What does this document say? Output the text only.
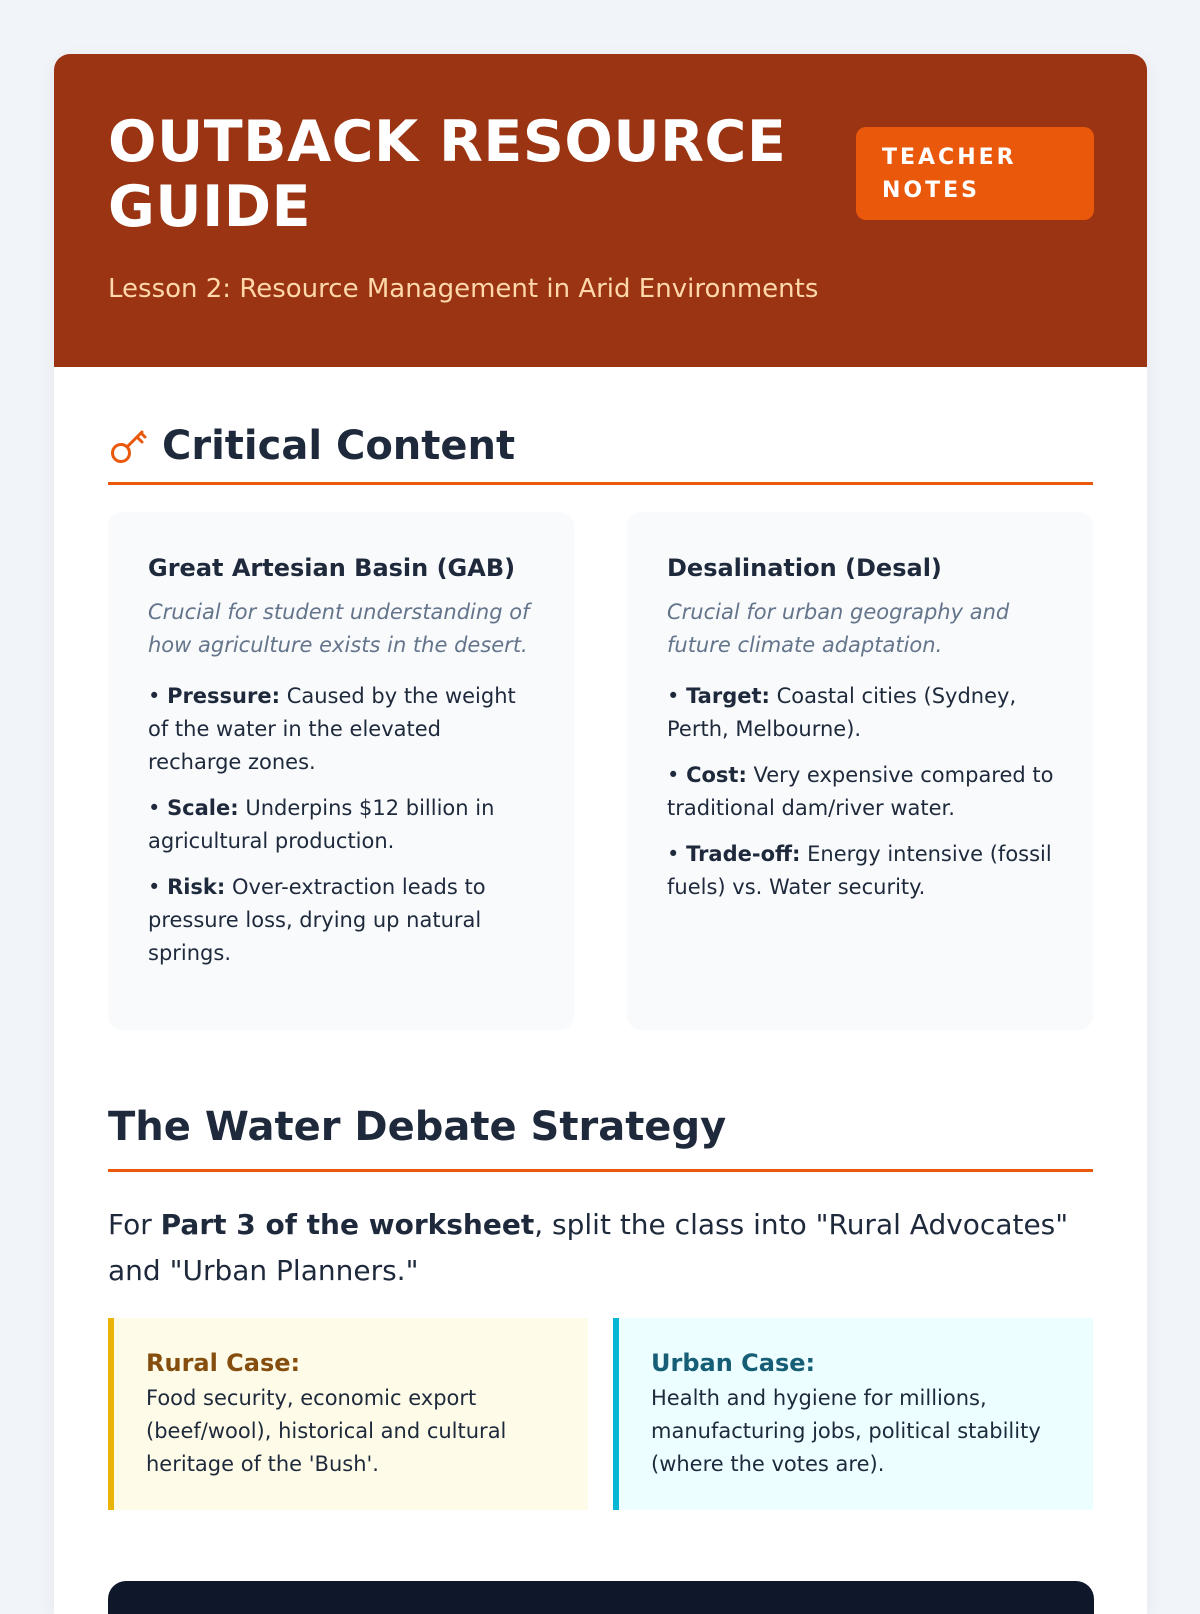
OUTBACK RESOURCE GUIDE

Lesson 2: Resource Management in Arid Environments

TEACHER NOTES
Critical Content
Great Artesian Basin (GAB)

Crucial for student understanding of how agriculture exists in the desert.

• Pressure: Caused by the weight of the water in the elevated recharge zones.

• Scale: Underpins $12 billion in agricultural production.

• Risk: Over-extraction leads to pressure loss, drying up natural springs.

Desalination (Desal)

Crucial for urban geography and future climate adaptation.

• Target: Coastal cities (Sydney, Perth, Melbourne).

• Cost: Very expensive compared to traditional dam/river water.

• Trade-off: Energy intensive (fossil fuels) vs. Water security.

The Water Debate Strategy

For Part 3 of the worksheet, split the class into "Rural Advocates" and "Urban Planners."

Rural Case:

Food security, economic export (beef/wool), historical and cultural heritage of the 'Bush'.

Urban Case:

Health and hygiene for millions, manufacturing jobs, political stability (where the votes are).
